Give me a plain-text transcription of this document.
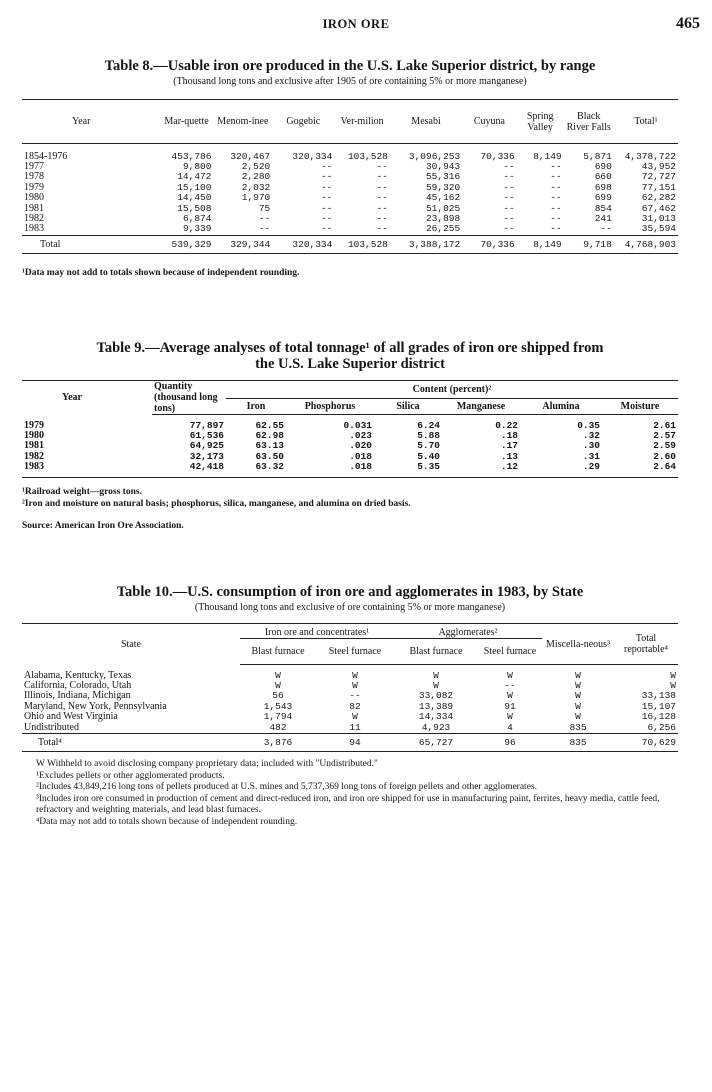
IRON ORE	465

Table 8.—Usable iron ore produced in the U.S. Lake Superior district, by range

(Thousand long tons and exclusive after 1905 of ore containing 5% or more manganese)

Year	Mar-quette	Menom-inee	Gogebic	Ver-milion	Mesabi	Cuyuna	Spring Valley	Black River Falls	Total¹

1854-1976	453,786	320,467	320,334	103,528	3,096,253	70,336	8,149	5,871	4,378,722
1977	9,800	2,520	--	--	30,943	--	--	690	43,952
1978	14,472	2,280	--	--	55,316	--	--	660	72,727
1979	15,100	2,032	--	--	59,320	--	--	698	77,151
1980	14,450	1,970	--	--	45,162	--	--	699	62,282
1981	15,508	75	--	--	51,025	--	--	854	67,462
1982	6,874	--	--	--	23,898	--	--	241	31,013
1983	9,339	--	--	--	26,255	--	--	--	35,594
Total	539,329	329,344	320,334	103,528	3,388,172	70,336	8,149	9,718	4,768,903

¹Data may not add to totals shown because of independent rounding.

Table 9.—Average analyses of total tonnage¹ of all grades of iron ore shipped from

the U.S. Lake Superior district

Year	Quantity (thousand long tons)	Content (percent)²					
		Iron	Phosphorus	Silica	Manganese	Alumina	Moisture

1979	77,897	62.55	0.031	6.24	0.22	0.35	2.61
1980	61,536	62.98	.023	5.88	.18	.32	2.57
1981	64,925	63.13	.020	5.70	.17	.30	2.59
1982	32,173	63.50	.018	5.40	.13	.31	2.60
1983	42,418	63.32	.018	5.35	.12	.29	2.64

¹Railroad weight—gross tons.

²Iron and moisture on natural basis; phosphorus, silica, manganese, and alumina on dried basis.

Source: American Iron Ore Association.

Table 10.—U.S. consumption of iron ore and agglomerates in 1983, by State

(Thousand long tons and exclusive of ore containing 5% or more manganese)

State	Iron ore and concentrates¹		Agglomerates²		Miscella-neous³	Total reportable⁴
	Blast furnace	Steel furnace	Blast furnace	Steel furnace		

Alabama, Kentucky, Texas	W	W	W	W	W	W
California, Colorado, Utah	W	W	W	--	W	W
Illinois, Indiana, Michigan	56	--	33,082	W	W	33,138
Maryland, New York, Pennsylvania	1,543	82	13,389	91	W	15,107
Ohio and West Virginia	1,794	W	14,334	W	W	16,128
Undistributed	482	11	4,923	4	835	6,256
Total⁴	3,876	94	65,727	96	835	70,629

W Withheld to avoid disclosing company proprietary data; included with "Undistributed."

¹Excludes pellets or other agglomerated products.

²Includes 43,849,216 long tons of pellets produced at U.S. mines and 5,737,369 long tons of foreign pellets and other agglomerates.

³Includes iron ore consumed in production of cement and direct-reduced iron, and iron ore shipped for use in manufacturing paint, ferrites, heavy media, cattle feed, refractory and weighting materials, and lead blast furnaces.

⁴Data may not add to totals shown because of independent rounding.
